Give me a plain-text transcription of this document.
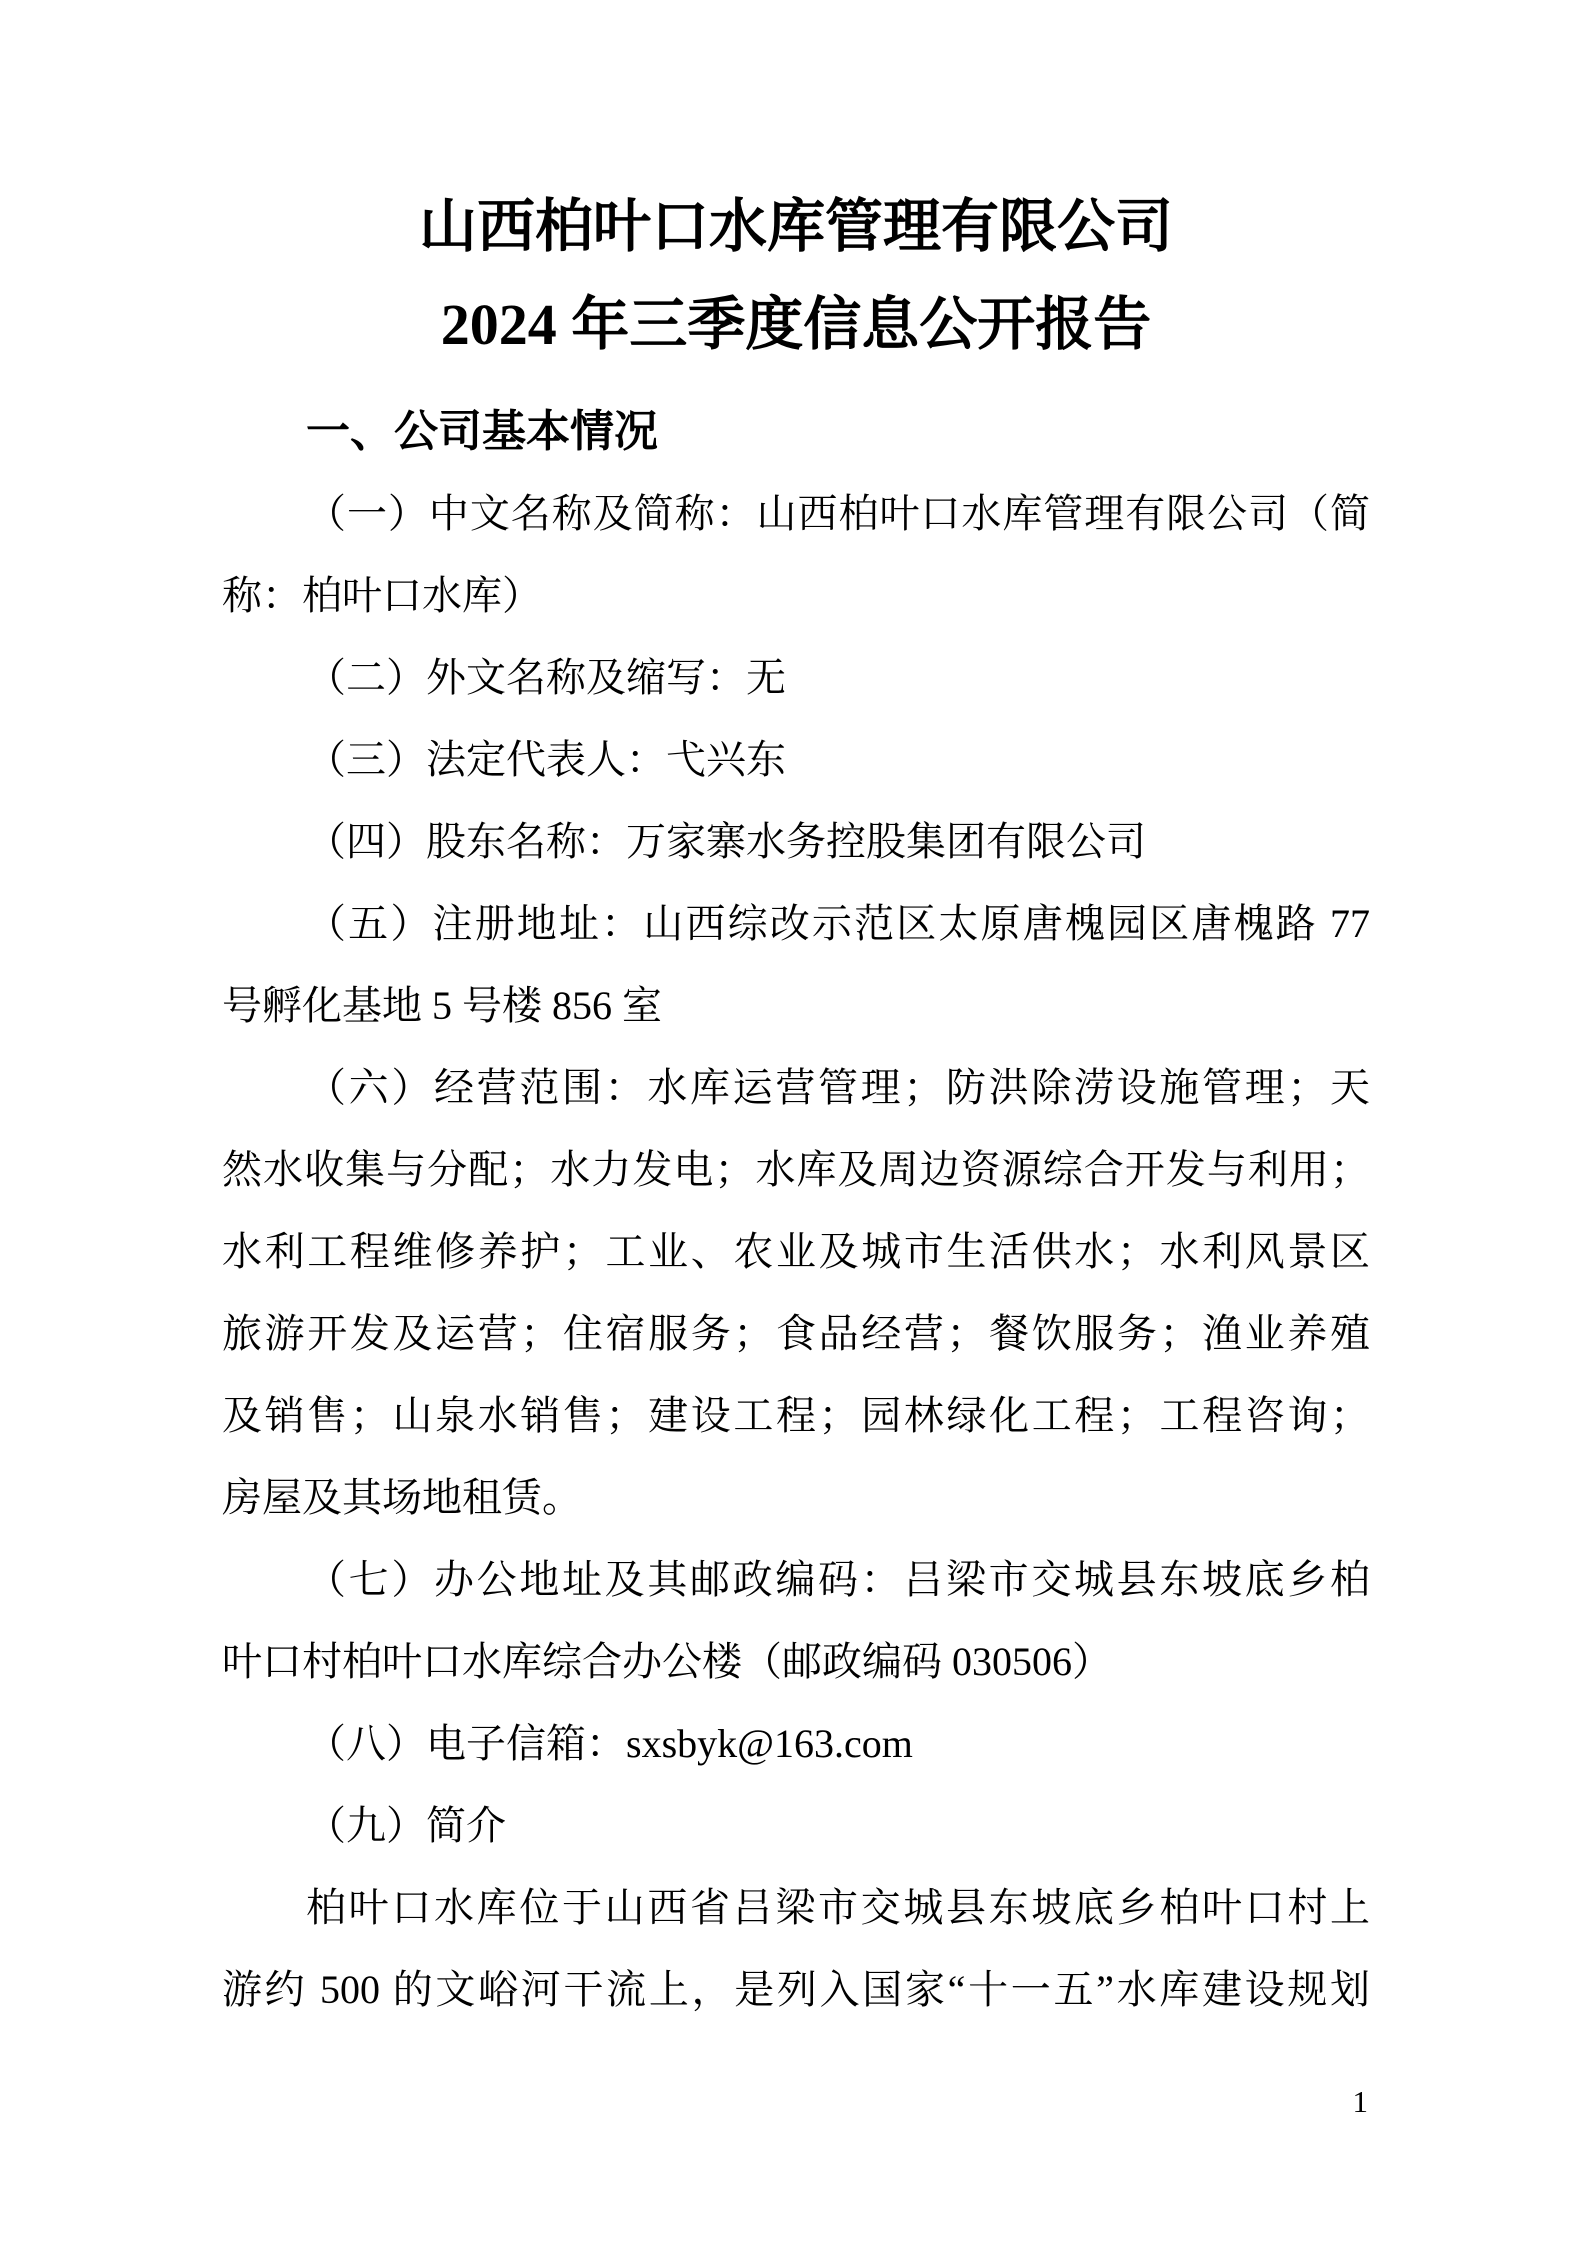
山西柏叶口水库管理有限公司
2024 年三季度信息公开报告
一、公司基本情况
（一）中文名称及简称：山西柏叶口水库管理有限公司（简
称：柏叶口水库）
（二）外文名称及缩写：无
（三）法定代表人：弋兴东
（四）股东名称：万家寨水务控股集团有限公司
（五）注册地址：山西综改示范区太原唐槐园区唐槐路 77
号孵化基地 5 号楼 856 室
（六）经营范围：水库运营管理；防洪除涝设施管理；天
然水收集与分配；水力发电；水库及周边资源综合开发与利用；
水利工程维修养护；工业、农业及城市生活供水；水利风景区
旅游开发及运营；住宿服务；食品经营；餐饮服务；渔业养殖
及销售；山泉水销售；建设工程；园林绿化工程；工程咨询；
房屋及其场地租赁。
（七）办公地址及其邮政编码：吕梁市交城县东坡底乡柏
叶口村柏叶口水库综合办公楼（邮政编码 030506）
（八）电子信箱：sxsbyk@163.com
（九）简介
柏叶口水库位于山西省吕梁市交城县东坡底乡柏叶口村上
游约 500 的文峪河干流上，是列入国家“十一五”水库建设规划
1
